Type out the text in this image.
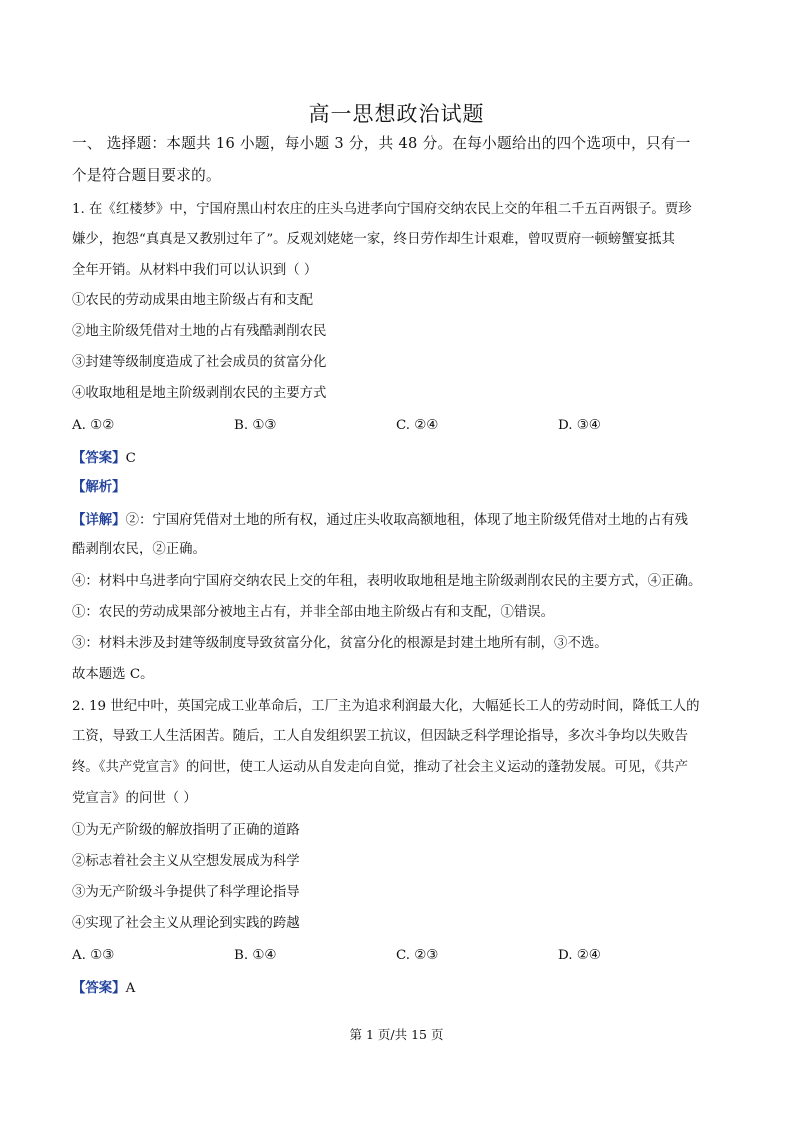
高一思想政治试题
一、 选择题：本题共 16 小题，每小题 3 分，共 48 分。在每小题给出的四个选项中，只有一
个是符合题目要求的。
1. 在《红楼梦》中，宁国府黑山村农庄的庄头乌进孝向宁国府交纳农民上交的年租二千五百两银子。贾珍
嫌少，抱怨“真真是又教别过年了”。反观刘姥姥一家，终日劳作却生计艰难，曾叹贾府一顿螃蟹宴抵其
全年开销。从材料中我们可以认识到（ ）
①农民的劳动成果由地主阶级占有和支配
②地主阶级凭借对土地的占有残酷剥削农民
③封建等级制度造成了社会成员的贫富分化
④收取地租是地主阶级剥削农民的主要方式
A. ①②	B. ①③	C. ②④	D. ③④
【答案】C
【解析】
【详解】②：宁国府凭借对土地的所有权，通过庄头收取高额地租，体现了地主阶级凭借对土地的占有残
酷剥削农民，②正确。
④：材料中乌进孝向宁国府交纳农民上交的年租，表明收取地租是地主阶级剥削农民的主要方式，④正确。
①：农民的劳动成果部分被地主占有，并非全部由地主阶级占有和支配，①错误。
③：材料未涉及封建等级制度导致贫富分化，贫富分化的根源是封建土地所有制，③不选。
故本题选 C。
2. 19 世纪中叶，英国完成工业革命后，工厂主为追求利润最大化，大幅延长工人的劳动时间，降低工人的
工资，导致工人生活困苦。随后，工人自发组织罢工抗议，但因缺乏科学理论指导，多次斗争均以失败告
终。《共产党宣言》的问世，使工人运动从自发走向自觉，推动了社会主义运动的蓬勃发展。可见，《共产
党宣言》的问世（ ）
①为无产阶级的解放指明了正确的道路
②标志着社会主义从空想发展成为科学
③为无产阶级斗争提供了科学理论指导
④实现了社会主义从理论到实践的跨越
A. ①③	B. ①④	C. ②③	D. ②④
【答案】A
第 1 页/共 15 页
